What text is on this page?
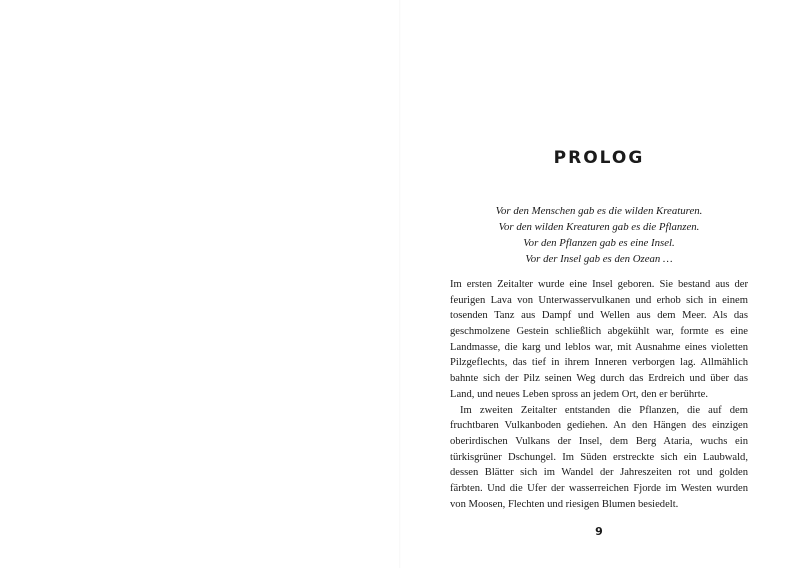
PROLOG
Vor den Menschen gab es die wilden Kreaturen.
Vor den wilden Kreaturen gab es die Pflanzen.
Vor den Pflanzen gab es eine Insel.
Vor der Insel gab es den Ozean …
Im ersten Zeitalter wurde eine Insel geboren. Sie bestand aus der
feurigen Lava von Unterwasservulkanen und erhob sich in einem
tosenden Tanz aus Dampf und Wellen aus dem Meer. Als das
geschmolzene Gestein schließlich abgekühlt war, formte es eine
Landmasse, die karg und leblos war, mit Ausnahme eines violetten
Pilzgeflechts, das tief in ihrem Inneren verborgen lag. Allmählich
bahnte sich der Pilz seinen Weg durch das Erdreich und über das
Land, und neues Leben spross an jedem Ort, den er berührte.
Im zweiten Zeitalter entstanden die Pflanzen, die auf dem
fruchtbaren Vulkanboden gediehen. An den Hängen des einzigen
oberirdischen Vulkans der Insel, dem Berg Ataria, wuchs ein
türkisgrüner Dschungel. Im Süden erstreckte sich ein Laubwald,
dessen Blätter sich im Wandel der Jahreszeiten rot und golden
färbten. Und die Ufer der wasserreichen Fjorde im Westen wurden
von Moosen, Flechten und riesigen Blumen besiedelt.
9
